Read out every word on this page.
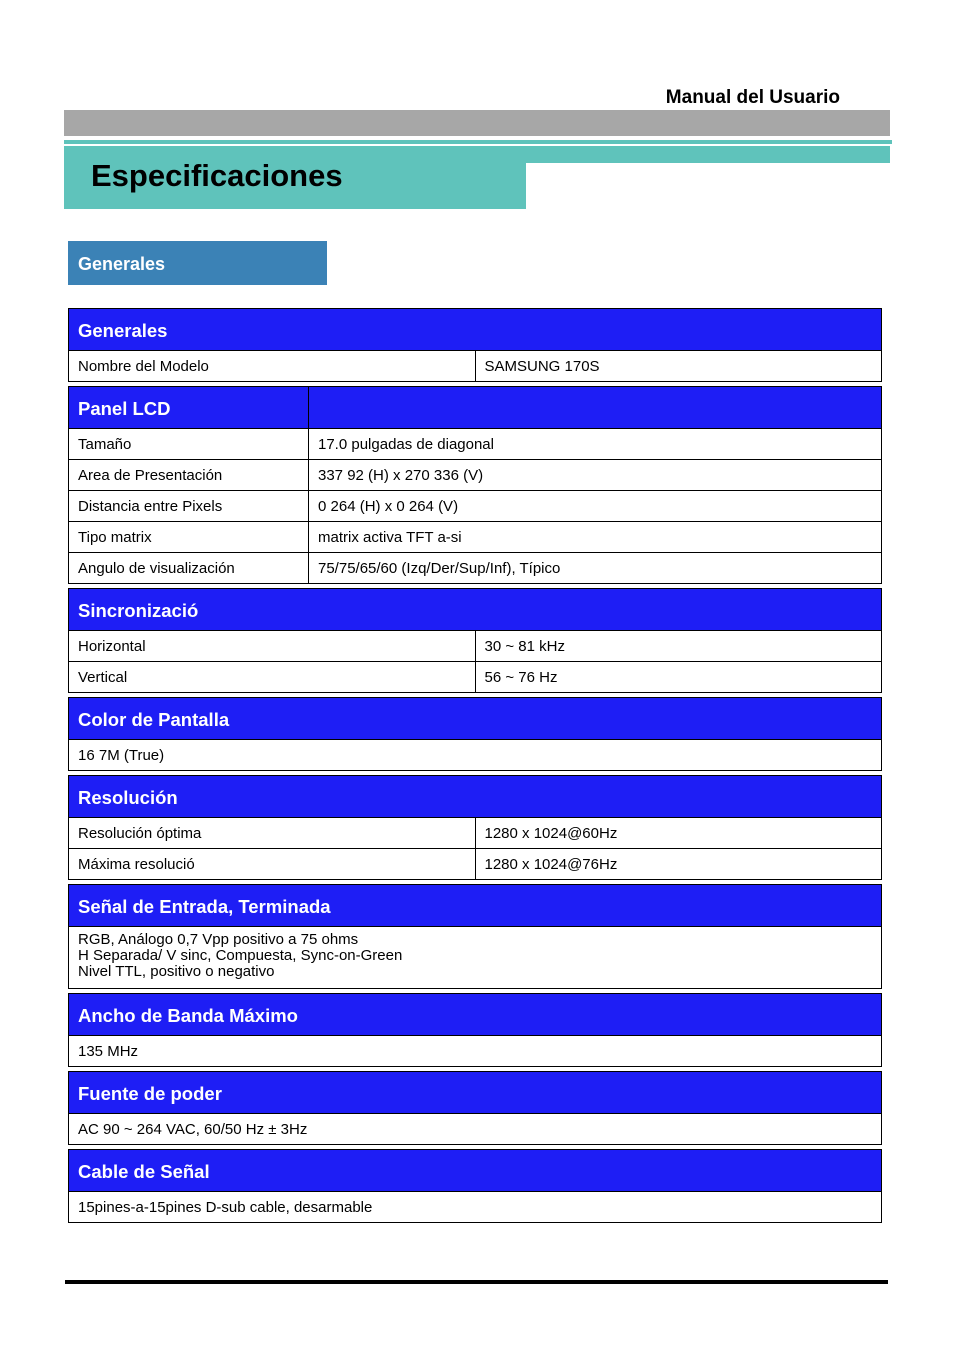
Manual del Usuario
Especificaciones
Generales
Generales
Nombre del Modelo	SAMSUNG 170S
Panel LCD	
Tamaño	17.0 pulgadas de diagonal
Area de Presentación	337 92 (H) x 270 336 (V)
Distancia entre Pixels	0 264 (H) x 0 264 (V)
Tipo matrix	matrix activa TFT a-si
Angulo de visualización	75/75/65/60 (Izq/Der/Sup/Inf), Típico
Sincronizació	
Horizontal	30 ~ 81 kHz
Vertical	56 ~ 76 Hz
Color de Pantalla
16 7M (True)
Resolución	
Resolución óptima	1280 x 1024@60Hz
Máxima resolució	1280 x 1024@76Hz
Señal de Entrada, Terminada
RGB, Análogo 0,7 Vpp positivo a 75 ohms
H Separada/ V sinc, Compuesta, Sync-on-Green
Nivel TTL, positivo o negativo
Ancho de Banda Máximo
135 MHz
Fuente de poder
AC 90 ~ 264 VAC, 60/50 Hz ± 3Hz
Cable de Señal
15pines-a-15pines D-sub cable, desarmable
